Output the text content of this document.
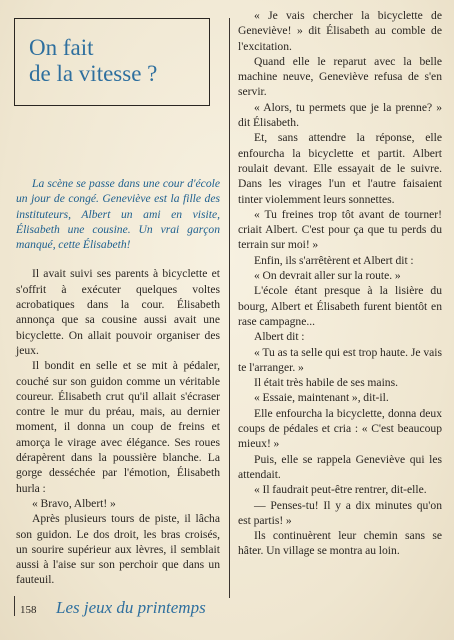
On fait
de la vitesse ?

La scène se passe dans une cour d'école un jour de congé. Geneviève est la fille des instituteurs, Albert un ami en visite, Élisabeth une cousine. Un vrai garçon manqué, cette Élisabeth!

Il avait suivi ses parents à bicyclette et s'offrit à exécuter quelques voltes acrobatiques dans la cour. Élisabeth annonça que sa cousine aussi avait une bicyclette. On allait pouvoir organiser des jeux.

Il bondit en selle et se mit à pédaler, couché sur son guidon comme un véritable coureur. Élisabeth crut qu'il allait s'écraser contre le mur du préau, mais, au dernier moment, il donna un coup de freins et amorça le virage avec élégance. Ses roues dérapèrent dans la poussière blanche. La gorge desséchée par l'émotion, Élisabeth hurla :

« Bravo, Albert! »

Après plusieurs tours de piste, il lâcha son guidon. Le dos droit, les bras croisés, un sourire supérieur aux lèvres, il semblait aussi à l'aise sur son perchoir que dans un fauteuil.

« Je vais chercher la bicyclette de Geneviève! » dit Élisabeth au comble de l'excitation.

Quand elle le reparut avec la belle machine neuve, Geneviève refusa de s'en servir.

« Alors, tu permets que je la prenne? » dit Élisabeth.

Et, sans attendre la réponse, elle enfourcha la bicyclette et partit. Albert roulait devant. Elle essayait de le suivre. Dans les virages l'un et l'autre faisaient tinter violemment leurs sonnettes.

« Tu freines trop tôt avant de tourner! criait Albert. C'est pour ça que tu perds du terrain sur moi! »

Enfin, ils s'arrêtèrent et Albert dit :

« On devrait aller sur la route. »

L'école étant presque à la lisière du bourg, Albert et Élisabeth furent bientôt en rase campagne...

Albert dit :

« Tu as ta selle qui est trop haute. Je vais te l'arranger. »

Il était très habile de ses mains.

« Essaie, maintenant », dit-il.

Elle enfourcha la bicyclette, donna deux coups de pédales et cria : « C'est beaucoup mieux! »

Puis, elle se rappela Geneviève qui les attendait.

« Il faudrait peut-être rentrer, dit-elle.

— Penses-tu! Il y a dix minutes qu'on est partis! »

Ils continuèrent leur chemin sans se hâter. Un village se montra au loin.

158 Les jeux du printemps
